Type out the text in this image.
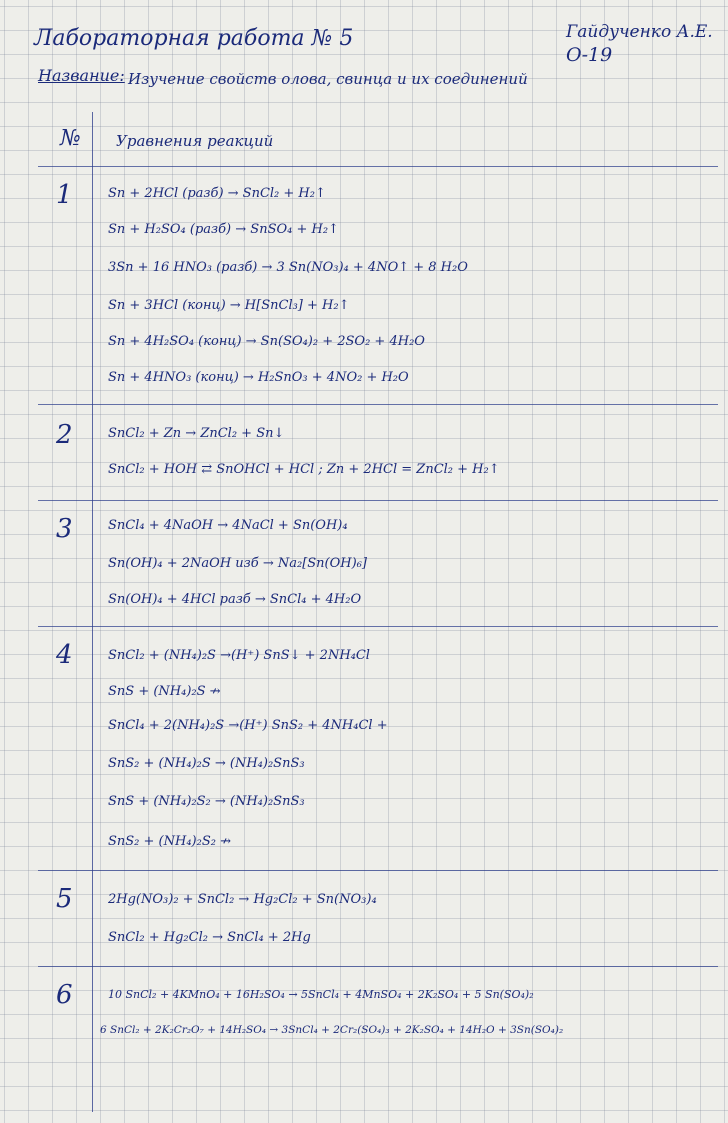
Лабораторная работа № 5	Гайдученко А.Е.
О-19
Название: Изучение свойств олова, свинца и их соединений
№ Уравнения реакций
1	Sn + 2HCl (разб) → SnCl₂ + H₂↑
Sn + H₂SO₄ (разб) → SnSO₄ + H₂↑
3Sn + 16 HNO₃ (разб) → 3 Sn(NO₃)₄ + 4NO↑ + 8 H₂O
Sn + 3HCl (конц) → H[SnCl₃] + H₂↑
Sn + 4H₂SO₄ (конц) → Sn(SO₄)₂ + 2SO₂ + 4H₂O
Sn + 4HNO₃ (конц) → H₂SnO₃ + 4NO₂ + H₂O
2	SnCl₂ + Zn → ZnCl₂ + Sn↓
SnCl₂ + HOH ⇄ SnOHCl + HCl ; Zn + 2HCl = ZnCl₂ + H₂↑
3	SnCl₄ + 4NaOH → 4NaCl + Sn(OH)₄
Sn(OH)₄ + 2NaOH изб → Na₂[Sn(OH)₆]
Sn(OH)₄ + 4HCl разб → SnCl₄ + 4H₂O
4	SnCl₂ + (NH₄)₂S →(H⁺) SnS↓ + 2NH₄Cl
SnS + (NH₄)₂S ↛
SnCl₄ + 2(NH₄)₂S →(H⁺) SnS₂ + 4NH₄Cl +
SnS₂ + (NH₄)₂S → (NH₄)₂SnS₃
SnS + (NH₄)₂S₂ → (NH₄)₂SnS₃
SnS₂ + (NH₄)₂S₂ ↛
5	2Hg(NO₃)₂ + SnCl₂ → Hg₂Cl₂ + Sn(NO₃)₄
SnCl₂ + Hg₂Cl₂ → SnCl₄ + 2Hg
6	10 SnCl₂ + 4KMnO₄ + 16H₂SO₄ → 5SnCl₄ + 4MnSO₄ + 2K₂SO₄ + 5 Sn(SO₄)₂
6 SnCl₂ + 2K₂Cr₂O₇ + 14H₂SO₄ → 3SnCl₄ + 2Cr₂(SO₄)₃ + 2K₂SO₄ + 14H₂O + 3Sn(SO₄)₂
